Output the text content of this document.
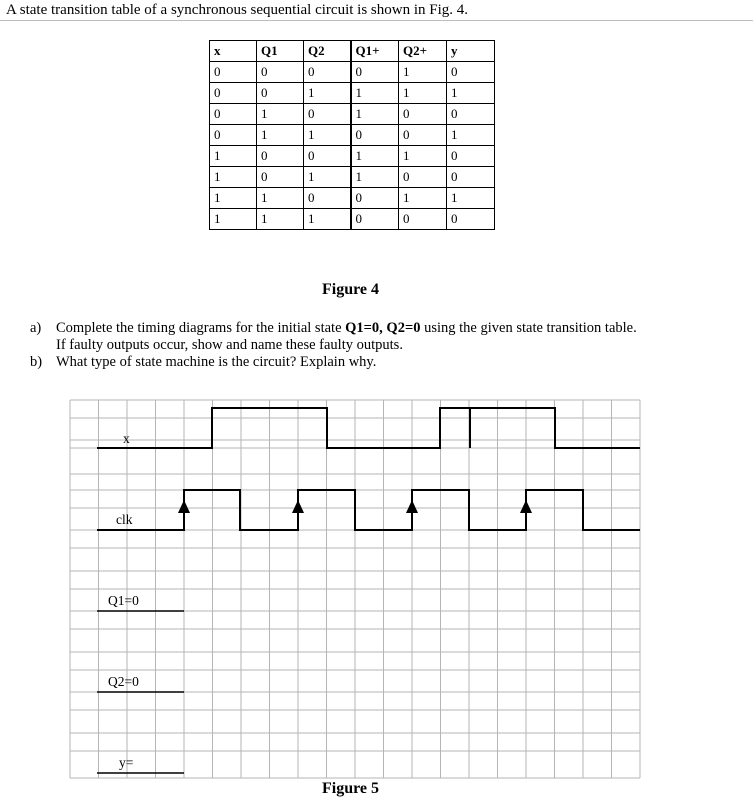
A state transition table of a synchronous sequential circuit is shown in Fig. 4.
x	Q1	Q2	Q1+	Q2+	y
0	0	0	0	1	0
0	0	1	1	1	1
0	1	0	1	0	0
0	1	1	0	0	1
1	0	0	1	1	0
1	0	1	1	0	0
1	1	0	0	1	1
1	1	1	0	0	0
Figure 4
a) Complete the timing diagrams for the initial state Q1=0, Q2=0 using the given state transition table.
If faulty outputs occur, show and name these faulty outputs.
b) What type of state machine is the circuit? Explain why.
x
clk
Q1=0
Q2=0
y=
Figure 5
